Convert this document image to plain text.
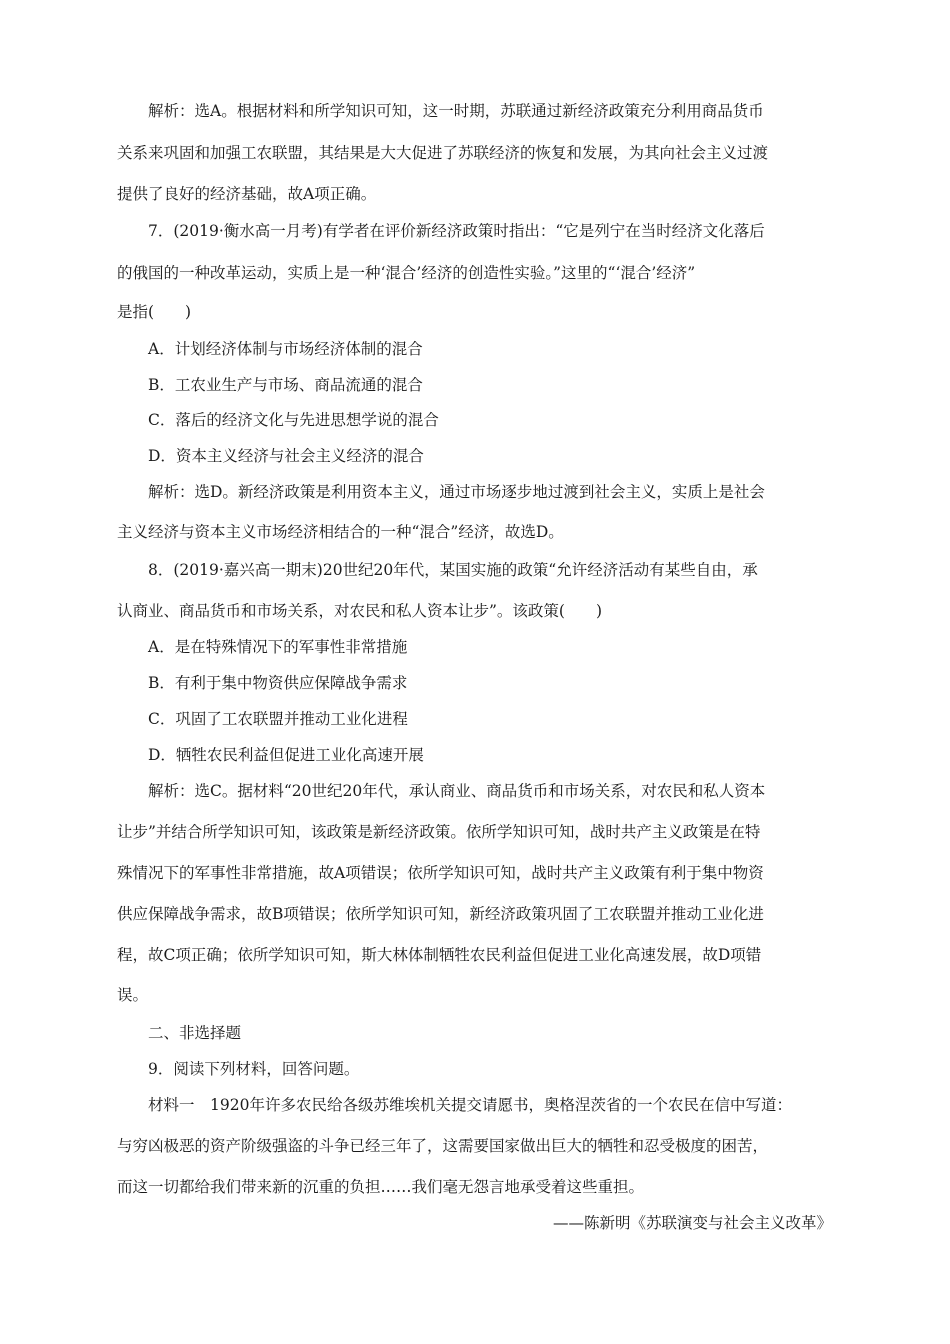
解析：选A。根据材料和所学知识可知，这一时期，苏联通过新经济政策充分利用商品货币
关系来巩固和加强工农联盟，其结果是大大促进了苏联经济的恢复和发展，为其向社会主义过渡
提供了良好的经济基础，故A项正确。
7．(2019·衡水高一月考)有学者在评价新经济政策时指出：“它是列宁在当时经济文化落后
的俄国的一种改革运动，实质上是一种‘混合’经济的创造性实验。”这里的“‘混合’经济”
是指(　　)
A．计划经济体制与市场经济体制的混合
B．工农业生产与市场、商品流通的混合
C．落后的经济文化与先进思想学说的混合
D．资本主义经济与社会主义经济的混合
解析：选D。新经济政策是利用资本主义，通过市场逐步地过渡到社会主义，实质上是社会
主义经济与资本主义市场经济相结合的一种“混合”经济，故选D。
8．(2019·嘉兴高一期末)20世纪20年代，某国实施的政策“允许经济活动有某些自由，承
认商业、商品货币和市场关系，对农民和私人资本让步”。该政策(　　)
A．是在特殊情况下的军事性非常措施
B．有利于集中物资供应保障战争需求
C．巩固了工农联盟并推动工业化进程
D．牺牲农民利益但促进工业化高速开展
解析：选C。据材料“20世纪20年代，承认商业、商品货币和市场关系，对农民和私人资本
让步”并结合所学知识可知，该政策是新经济政策。依所学知识可知，战时共产主义政策是在特
殊情况下的军事性非常措施，故A项错误；依所学知识可知，战时共产主义政策有利于集中物资
供应保障战争需求，故B项错误；依所学知识可知，新经济政策巩固了工农联盟并推动工业化进
程，故C项正确；依所学知识可知，斯大林体制牺牲农民利益但促进工业化高速发展，故D项错
误。
二、非选择题
9．阅读下列材料，回答问题。
材料一　1920年许多农民给各级苏维埃机关提交请愿书，奥格涅茨省的一个农民在信中写道：
与穷凶极恶的资产阶级强盗的斗争已经三年了，这需要国家做出巨大的牺牲和忍受极度的困苦，
而这一切都给我们带来新的沉重的负担……我们毫无怨言地承受着这些重担。
——陈新明《苏联演变与社会主义改革》
